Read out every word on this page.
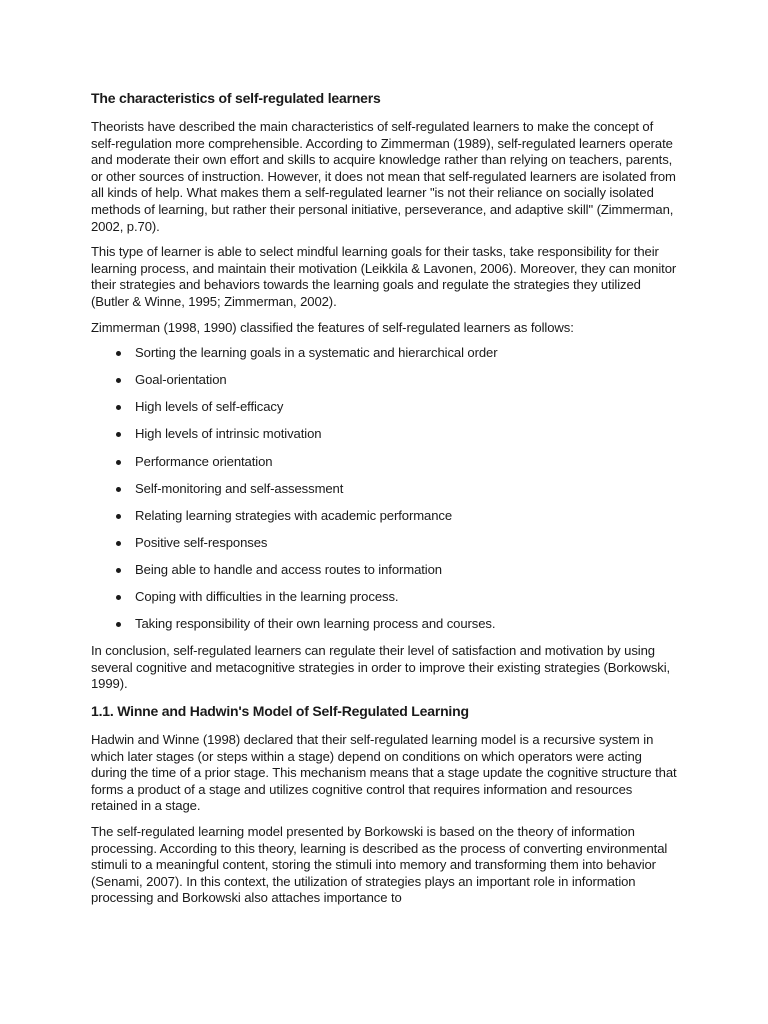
The characteristics of self-regulated learners

Theorists have described the main characteristics of self-regulated learners to make the concept of self-regulation more comprehensible. According to Zimmerman (1989), self-regulated learners operate and moderate their own effort and skills to acquire knowledge rather than relying on teachers, parents, or other sources of instruction. However, it does not mean that self-regulated learners are isolated from all kinds of help. What makes them a self-regulated learner "is not their reliance on socially isolated methods of learning, but rather their personal initiative, perseverance, and adaptive skill" (Zimmerman, 2002, p.70).

This type of learner is able to select mindful learning goals for their tasks, take responsibility for their learning process, and maintain their motivation (Leikkila & Lavonen, 2006). Moreover, they can monitor their strategies and behaviors towards the learning goals and regulate the strategies they utilized (Butler & Winne, 1995; Zimmerman, 2002).

Zimmerman (1998, 1990) classified the features of self-regulated learners as follows:

Sorting the learning goals in a systematic and hierarchical order
Goal-orientation
High levels of self-efficacy
High levels of intrinsic motivation
Performance orientation
Self-monitoring and self-assessment
Relating learning strategies with academic performance
Positive self-responses
Being able to handle and access routes to information
Coping with difficulties in the learning process.
Taking responsibility of their own learning process and courses.

In conclusion, self-regulated learners can regulate their level of satisfaction and motivation by using several cognitive and metacognitive strategies in order to improve their existing strategies (Borkowski, 1999).

1.1. Winne and Hadwin's Model of Self-Regulated Learning

Hadwin and Winne (1998) declared that their self-regulated learning model is a recursive system in which later stages (or steps within a stage) depend on conditions on which operators were acting during the time of a prior stage. This mechanism means that a stage update the cognitive structure that forms a product of a stage and utilizes cognitive control that requires information and resources retained in a stage.

The self-regulated learning model presented by Borkowski is based on the theory of information processing. According to this theory, learning is described as the process of converting environmental stimuli to a meaningful content, storing the stimuli into memory and transforming them into behavior (Senami, 2007). In this context, the utilization of strategies plays an important role in information processing and Borkowski also attaches importance to
